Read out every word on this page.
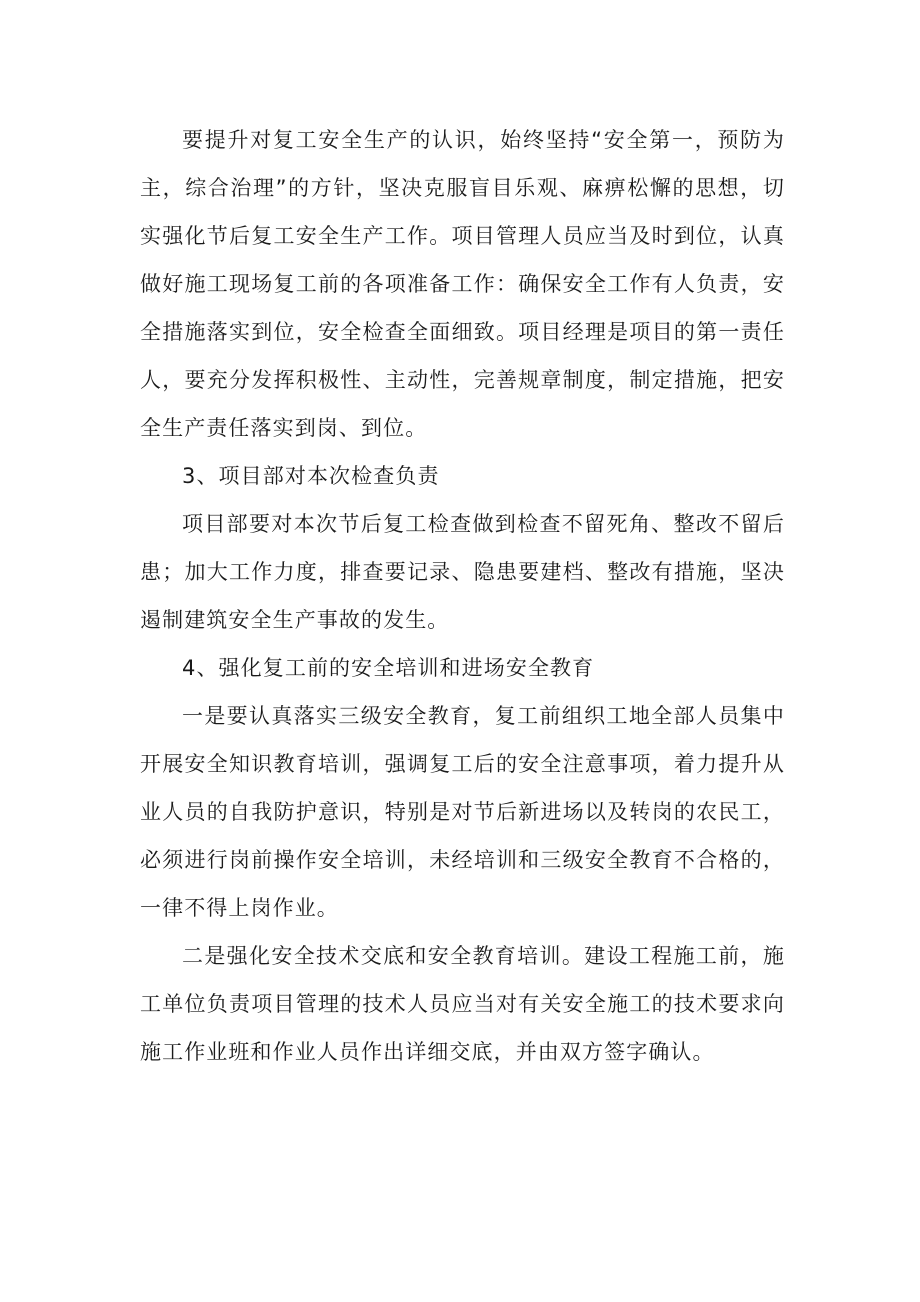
要提升对复工安全生产的认识，始终坚持“安全第一，预防为主，综合治理”的方针，坚决克服盲目乐观、麻痹松懈的思想，切实强化节后复工安全生产工作。项目管理人员应当及时到位，认真做好施工现场复工前的各项准备工作：确保安全工作有人负责，安全措施落实到位，安全检查全面细致。项目经理是项目的第一责任人，要充分发挥积极性、主动性，完善规章制度，制定措施，把安全生产责任落实到岗、到位。

3、项目部对本次检查负责

项目部要对本次节后复工检查做到检查不留死角、整改不留后患；加大工作力度，排查要记录、隐患要建档、整改有措施，坚决遏制建筑安全生产事故的发生。

4、强化复工前的安全培训和进场安全教育

一是要认真落实三级安全教育，复工前组织工地全部人员集中开展安全知识教育培训，强调复工后的安全注意事项，着力提升从业人员的自我防护意识，特别是对节后新进场以及转岗的农民工，必须进行岗前操作安全培训，未经培训和三级安全教育不合格的，一律不得上岗作业。

二是强化安全技术交底和安全教育培训。建设工程施工前，施工单位负责项目管理的技术人员应当对有关安全施工的技术要求向施工作业班和作业人员作出详细交底，并由双方签字确认。
